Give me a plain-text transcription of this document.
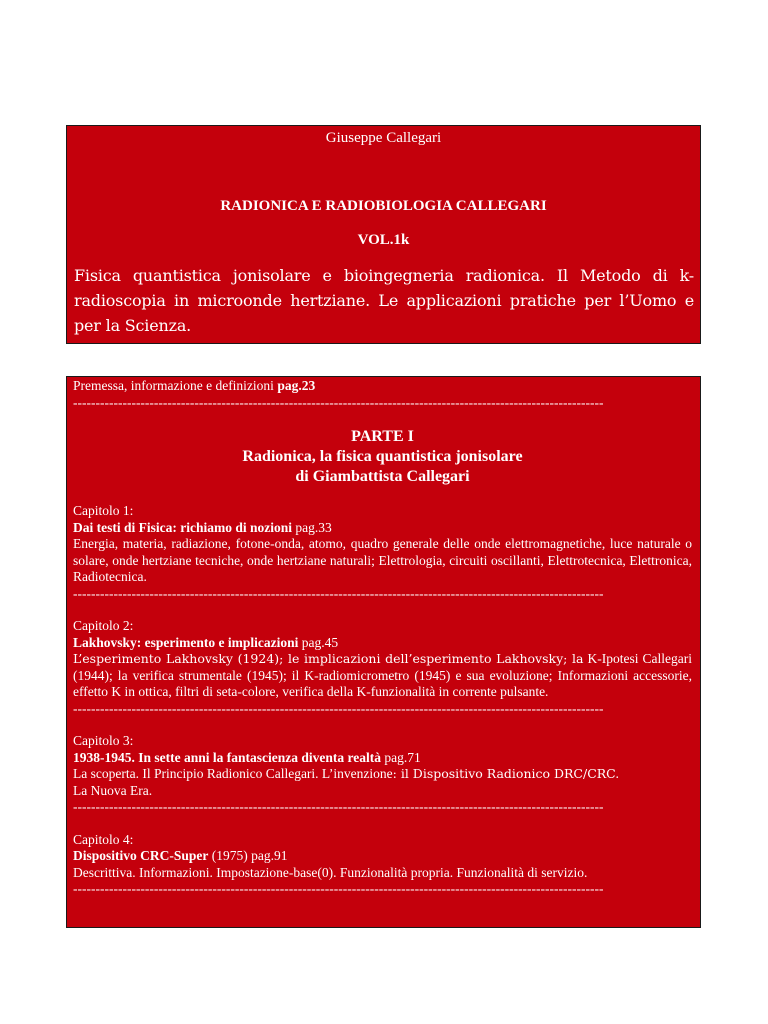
Giuseppe Callegari
RADIONICA E RADIOBIOLOGIA CALLEGARI
VOL.1k
Fisica quantistica jonisolare e bioingegneria radionica. Il Metodo di k-radioscopia in microonde hertziane. Le applicazioni pratiche per l’Uomo e per la Scienza.
Premessa, informazione e definizioni pag.23
----------------------------------------------------------------------------------------------------------------------
PARTE I
Radionica, la fisica quantistica jonisolare
di Giambattista Callegari
Capitolo 1:
Dai testi di Fisica: richiamo di nozioni pag.33
Energia, materia, radiazione, fotone-onda, atomo, quadro generale delle onde elettromagnetiche, luce naturale o solare, onde hertziane tecniche, onde hertziane naturali; Elettrologia, circuiti oscillanti, Elettrotecnica, Elettronica, Radiotecnica.
----------------------------------------------------------------------------------------------------------------------
Capitolo 2:
Lakhovsky: esperimento e implicazioni pag.45
L’esperimento Lakhovsky (1924); le implicazioni dell’esperimento Lakhovsky; la K-Ipotesi Callegari (1944); la verifica strumentale (1945); il K-radiomicrometro (1945) e sua evoluzione; Informazioni accessorie, effetto K in ottica, filtri di seta-colore, verifica della K-funzionalità in corrente pulsante.
----------------------------------------------------------------------------------------------------------------------
Capitolo 3:
1938-1945. In sette anni la fantascienza diventa realtà pag.71
La scoperta. Il Principio Radionico Callegari. L’invenzione: il Dispositivo Radionico DRC/CRC.
La Nuova Era.
----------------------------------------------------------------------------------------------------------------------
Capitolo 4:
Dispositivo CRC-Super (1975) pag.91
Descrittiva. Informazioni. Impostazione-base(0). Funzionalità propria. Funzionalità di servizio.
----------------------------------------------------------------------------------------------------------------------
